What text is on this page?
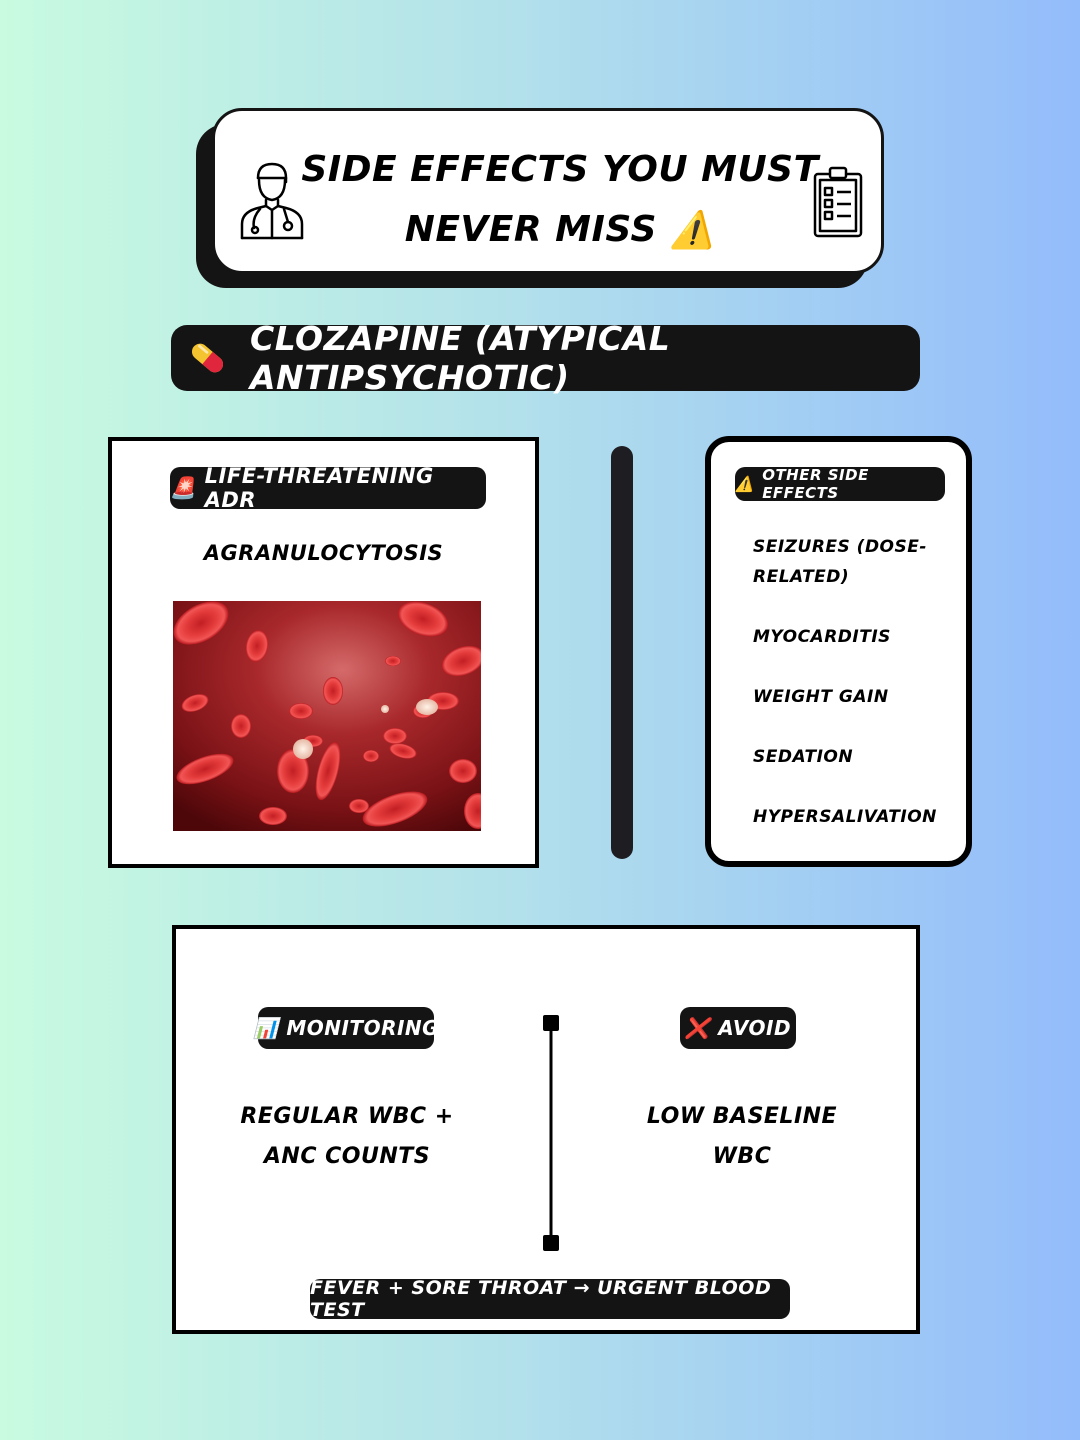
SIDE EFFECTS YOU MUST
NEVER MISS ⚠️
CLOZAPINE (ATYPICAL ANTIPSYCHOTIC)
🚨 LIFE-THREATENING ADR
AGRANULOCYTOSIS
⚠️ OTHER SIDE EFFECTS
SEIZURES (DOSE-RELATED)
MYOCARDITIS
WEIGHT GAIN
SEDATION
HYPERSALIVATION
📊 MONITORING	❌ AVOID
REGULAR WBC + ANC COUNTS
LOW BASELINE WBC
FEVER + SORE THROAT → URGENT BLOOD TEST
